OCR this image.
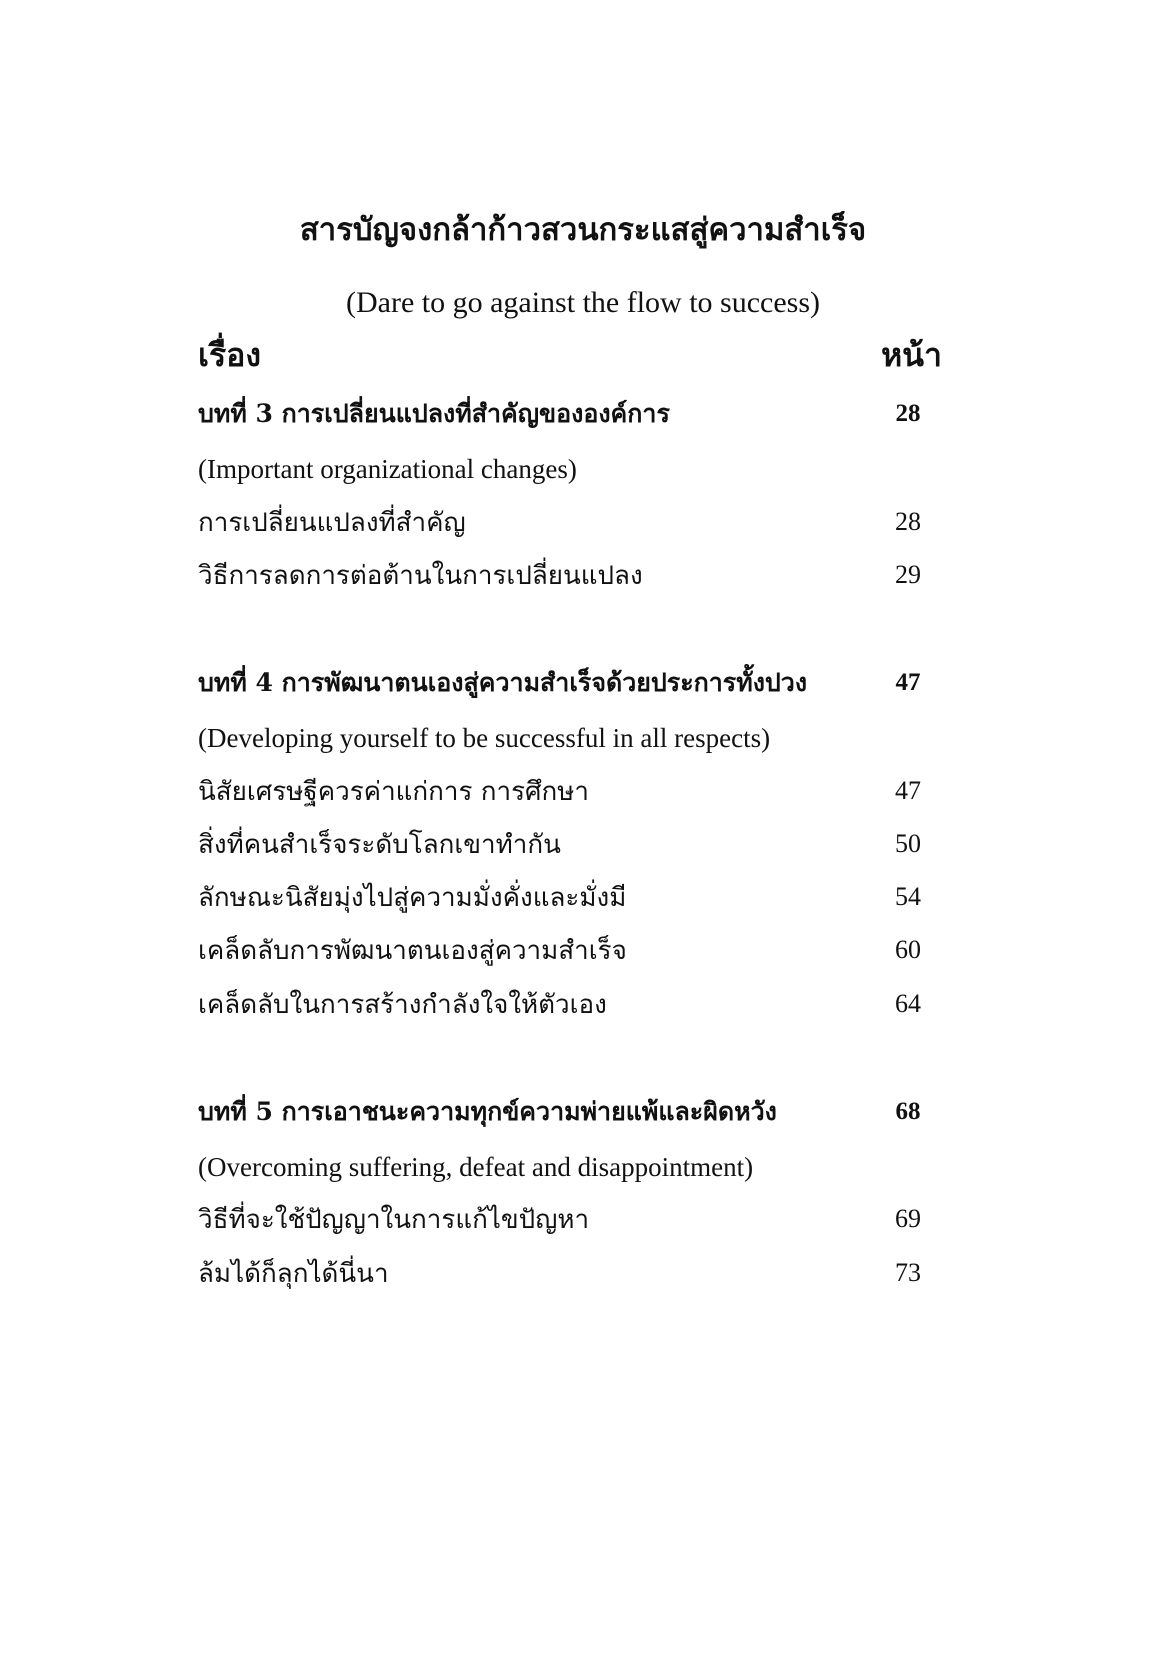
สารบัญจงกล้าก้าวสวนกระแสสู่ความสำเร็จ
(Dare to go against the flow to success)
เรื่อง	หน้า
บทที่ 3 การเปลี่ยนแปลงที่สำคัญขององค์การ	28
(Important organizational changes)
การเปลี่ยนแปลงที่สำคัญ	28
วิธีการลดการต่อต้านในการเปลี่ยนแปลง	29
บทที่ 4 การพัฒนาตนเองสู่ความสำเร็จด้วยประการทั้งปวง	47
(Developing yourself to be successful in all respects)
นิสัยเศรษฐีควรค่าแก่การ การศึกษา	47
สิ่งที่คนสำเร็จระดับโลกเขาทำกัน	50
ลักษณะนิสัยมุ่งไปสู่ความมั่งคั่งและมั่งมี	54
เคล็ดลับการพัฒนาตนเองสู่ความสำเร็จ	60
เคล็ดลับในการสร้างกำลังใจให้ตัวเอง	64
บทที่ 5 การเอาชนะความทุกข์ความพ่ายแพ้และผิดหวัง	68
(Overcoming suffering, defeat and disappointment)
วิธีที่จะใช้ปัญญาในการแก้ไขปัญหา	69
ล้มได้ก็ลุกได้นี่นา	73
